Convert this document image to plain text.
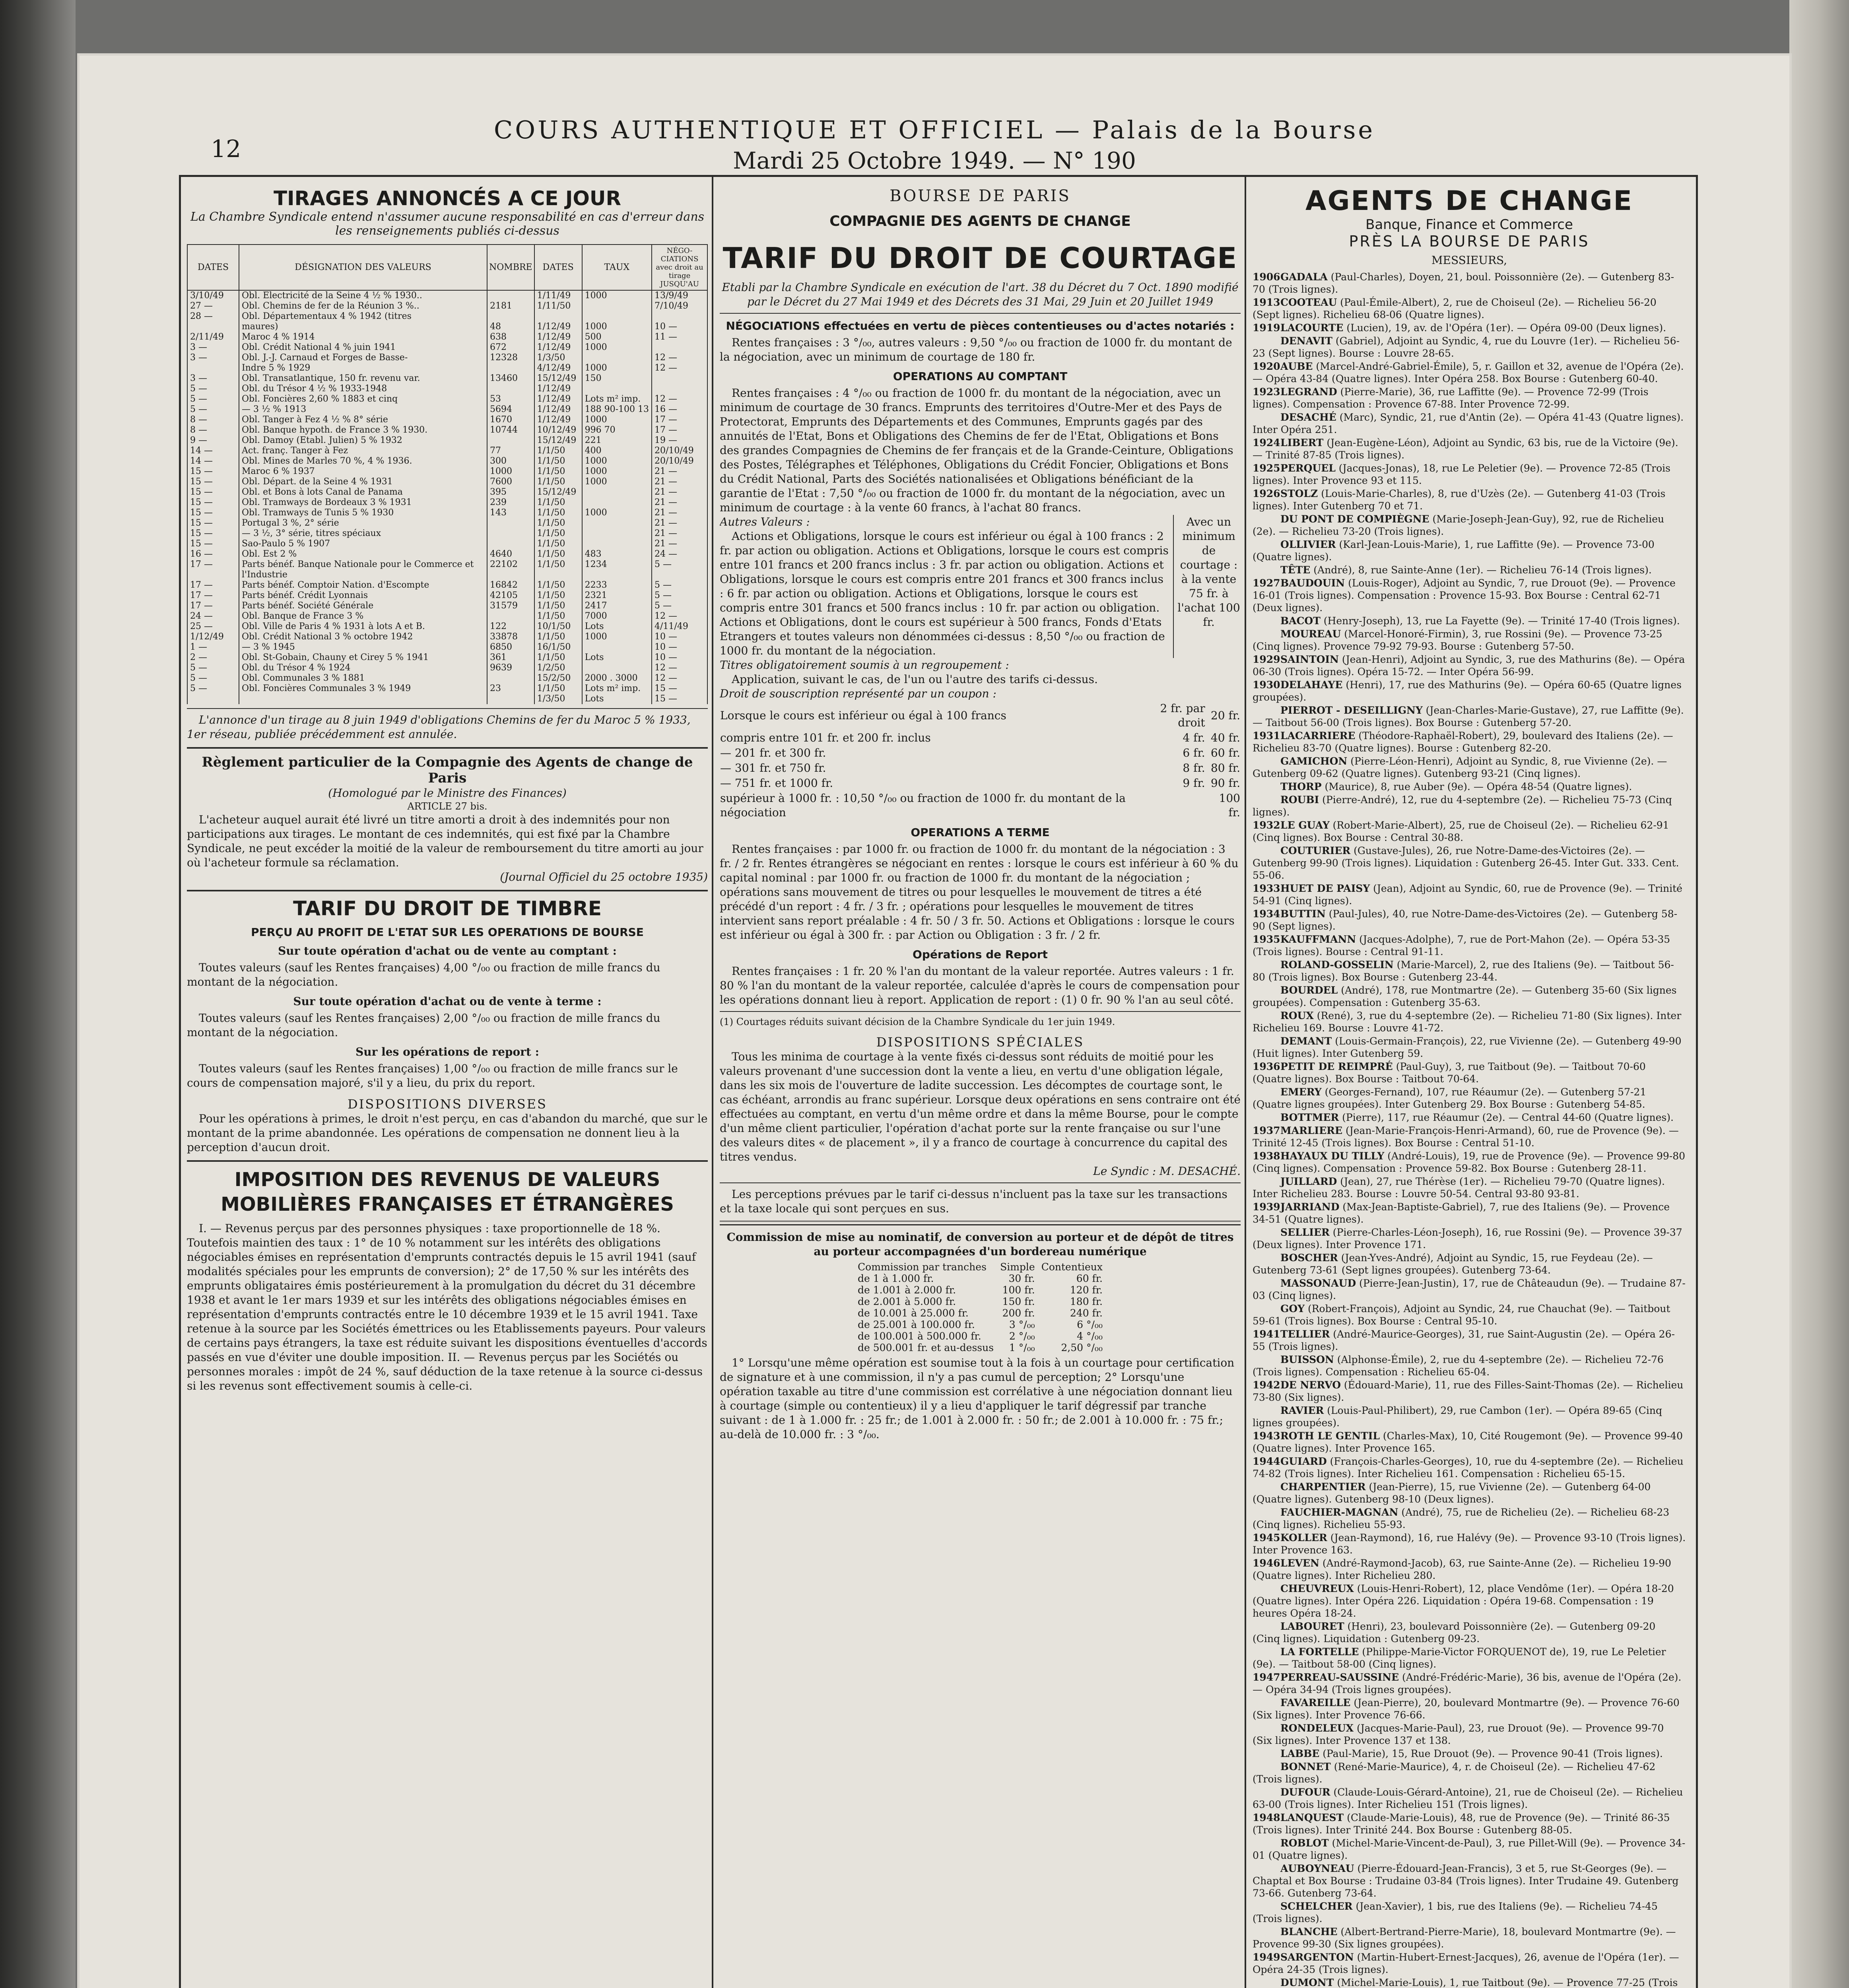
12
COURS AUTHENTIQUE ET OFFICIEL — Palais de la Bourse
Mardi 25 Octobre 1949. — N° 190
TIRAGES ANNONCÉS A CE JOUR
La Chambre Syndicale entend n'assumer aucune responsabilité en cas d'erreur dans les renseignements publiés ci-dessus
DATES	DÉSIGNATION DES VALEURS	NOMBRE	DATES	TAUX	NÉGO-CIATIONS avec droit au tirage JUSQU'AU
3/10/49	Obl. Electricité de la Seine 4 ½ % 1930..		1/11/49	1000	13/9/49
27 —	Obl. Chemins de fer de la Réunion 3 %..	2181	1/11/50		7/10/49
28 —	Obl. Départementaux 4 % 1942 (titres				
	maures)	48	1/12/49	1000	10 —
2/11/49	Maroc 4 % 1914	638	1/12/49	500	11 —
3 —	Obl. Crédit National 4 % juin 1941	672	1/12/49	1000	
3 —	Obl. J.-J. Carnaud et Forges de Basse-	12328	1/3/50		12 —
	Indre 5 % 1929		4/12/49	1000	12 —
3 —	Obl. Transatlantique, 150 fr. revenu var.	13460	15/12/49	150	
5 —	Obl. du Trésor 4 ½ % 1933-1948		1/12/49		
5 —	Obl. Foncières 2,60 % 1883 et cinq	53	1/12/49	Lots m² imp.	12 —
5 —	— 3 ½ % 1913	5694	1/12/49	188 90-100 13	16 —
8 —	Obl. Tanger à Fez 4 ½ % 8° série	1670	1/12/49	1000	17 —
8 —	Obl. Banque hypoth. de France 3 % 1930.	10744	10/12/49	996 70	17 —
9 —	Obl. Damoy (Etabl. Julien) 5 % 1932		15/12/49	221	19 —
14 —	Act. franç. Tanger à Fez	77	1/1/50	400	20/10/49
14 —	Obl. Mines de Marles 70 %, 4 % 1936.	300	1/1/50	1000	20/10/49
15 —	Maroc 6 % 1937	1000	1/1/50	1000	21 —
15 —	Obl. Départ. de la Seine 4 % 1931	7600	1/1/50	1000	21 —
15 —	Obl. et Bons à lots Canal de Panama	395	15/12/49		21 —
15 —	Obl. Tramways de Bordeaux 3 % 1931	239	1/1/50		21 —
15 —	Obl. Tramways de Tunis 5 % 1930	143	1/1/50	1000	21 —
15 —	Portugal 3 %, 2° série		1/1/50		21 —
15 —	— 3 ½, 3° série, titres spéciaux		1/1/50		21 —
15 —	Sao-Paulo 5 % 1907		1/1/50		21 —
16 —	Obl. Est 2 %	4640	1/1/50	483	24 —
17 —	Parts bénéf. Banque Nationale pour le Commerce et l'Industrie	22102	1/1/50	1234	5 —
17 —	Parts bénéf. Comptoir Nation. d'Escompte	16842	1/1/50	2233	5 —
17 —	Parts bénéf. Crédit Lyonnais	42105	1/1/50	2321	5 —
17 —	Parts bénéf. Société Générale	31579	1/1/50	2417	5 —
24 —	Obl. Banque de France 3 %		1/1/50	7000	12 —
25 —	Obl. Ville de Paris 4 % 1931 à lots A et B.	122	10/1/50	Lots	4/11/49
1/12/49	Obl. Crédit National 3 % octobre 1942	33878	1/1/50	1000	10 —
1 —	— 3 % 1945	6850	16/1/50		10 —
2 —	Obl. St-Gobain, Chauny et Cirey 5 % 1941	361	1/1/50	Lots	10 —
5 —	Obl. du Trésor 4 % 1924	9639	1/2/50		12 —
5 —	Obl. Communales 3 % 1881		15/2/50	2000 . 3000	12 —
5 —	Obl. Foncières Communales 3 % 1949	23	1/1/50	Lots m² imp.	15 —
			1/3/50	Lots	15 —

L'annonce d'un tirage au 8 juin 1949 d'obligations Chemins de fer du Maroc 5 % 1933, 1er réseau, publiée précédemment est annulée.

Règlement particulier de la Compagnie des Agents de change de Paris
(Homologué par le Ministre des Finances)
ARTICLE 27 bis.

L'acheteur auquel aurait été livré un titre amorti a droit à des indemnités pour non participations aux tirages. Le montant de ces indemnités, qui est fixé par la Chambre Syndicale, ne peut excéder la moitié de la valeur de remboursement du titre amorti au jour où l'acheteur formule sa réclamation.

(Journal Officiel du 25 octobre 1935)
TARIF DU DROIT DE TIMBRE
PERÇU AU PROFIT DE L'ETAT SUR LES OPERATIONS DE BOURSE
Sur toute opération d'achat ou de vente au comptant :

Toutes valeurs (sauf les Rentes françaises) 4,00 °/₀₀ ou fraction de mille francs du montant de la négociation.

Sur toute opération d'achat ou de vente à terme :

Toutes valeurs (sauf les Rentes françaises) 2,00 °/₀₀ ou fraction de mille francs du montant de la négociation.

Sur les opérations de report :

Toutes valeurs (sauf les Rentes françaises) 1,00 °/₀₀ ou fraction de mille francs sur le cours de compensation majoré, s'il y a lieu, du prix du report.

DISPOSITIONS DIVERSES

Pour les opérations à primes, le droit n'est perçu, en cas d'abandon du marché, que sur le montant de la prime abandonnée. Les opérations de compensation ne donnent lieu à la perception d'aucun droit.

IMPOSITION DES REVENUS DE VALEURS MOBILIÈRES FRANÇAISES ET ÉTRANGÈRES

I. — Revenus perçus par des personnes physiques : taxe proportionnelle de 18 %. Toutefois maintien des taux : 1° de 10 % notamment sur les intérêts des obligations négociables émises en représentation d'emprunts contractés depuis le 15 avril 1941 (sauf modalités spéciales pour les emprunts de conversion); 2° de 17,50 % sur les intérêts des emprunts obligataires émis postérieurement à la promulgation du décret du 31 décembre 1938 et avant le 1er mars 1939 et sur les intérêts des obligations négociables émises en représentation d'emprunts contractés entre le 10 décembre 1939 et le 15 avril 1941. Taxe retenue à la source par les Sociétés émettrices ou les Etablissements payeurs. Pour valeurs de certains pays étrangers, la taxe est réduite suivant les dispositions éventuelles d'accords passés en vue d'éviter une double imposition. II. — Revenus perçus par les Sociétés ou personnes morales : impôt de 24 %, sauf déduction de la taxe retenue à la source ci-dessus si les revenus sont effectivement soumis à celle-ci.

BOURSE DE PARIS
COMPAGNIE DES AGENTS DE CHANGE
TARIF DU DROIT DE COURTAGE
Etabli par la Chambre Syndicale en exécution de l'art. 38 du Décret du 7 Oct. 1890 modifié par le Décret du 27 Mai 1949 et des Décrets des 31 Mai, 29 Juin et 20 Juillet 1949
NÉGOCIATIONS effectuées en vertu de pièces contentieuses ou d'actes notariés :

Rentes françaises : 3 °/₀₀, autres valeurs : 9,50 °/₀₀ ou fraction de 1000 fr. du montant de la négociation, avec un minimum de courtage de 180 fr.

OPERATIONS AU COMPTANT

Rentes françaises : 4 °/₀₀ ou fraction de 1000 fr. du montant de la négociation, avec un minimum de courtage de 30 francs. Emprunts des territoires d'Outre-Mer et des Pays de Protectorat, Emprunts des Départements et des Communes, Emprunts gagés par des annuités de l'Etat, Bons et Obligations des Chemins de fer de l'Etat, Obligations et Bons des grandes Compagnies de Chemins de fer français et de la Grande-Ceinture, Obligations des Postes, Télégraphes et Téléphones, Obligations du Crédit Foncier, Obligations et Bons du Crédit National, Parts des Sociétés nationalisées et Obligations bénéficiant de la garantie de l'Etat : 7,50 °/₀₀ ou fraction de 1000 fr. du montant de la négociation, avec un minimum de courtage : à la vente 60 francs, à l'achat 80 francs.

Autres Valeurs :

Actions et Obligations, lorsque le cours est inférieur ou égal à 100 francs : 2 fr. par action ou obligation. Actions et Obligations, lorsque le cours est compris entre 101 francs et 200 francs inclus : 3 fr. par action ou obligation. Actions et Obligations, lorsque le cours est compris entre 201 francs et 300 francs inclus : 6 fr. par action ou obligation. Actions et Obligations, lorsque le cours est compris entre 301 francs et 500 francs inclus : 10 fr. par action ou obligation. Actions et Obligations, dont le cours est supérieur à 500 francs, Fonds d'Etats Etrangers et toutes valeurs non dénommées ci-dessus : 8,50 °/₀₀ ou fraction de 1000 fr. du montant de la négociation.

Avec un minimum de courtage : à la vente 75 fr. à l'achat 100 fr.
Titres obligatoirement soumis à un regroupement :

Application, suivant le cas, de l'un ou l'autre des tarifs ci-dessus.

Droit de souscription représenté par un coupon :
Lorsque le cours est inférieur ou égal à 100 francs	2 fr. par droit	20 fr.
compris entre 101 fr. et 200 fr. inclus	4 fr.	40 fr.
— 201 fr. et 300 fr.	6 fr.	60 fr.
— 301 fr. et 750 fr.	8 fr.	80 fr.
— 751 fr. et 1000 fr.	9 fr.	90 fr.
supérieur à 1000 fr. : 10,50 °/₀₀ ou fraction de 1000 fr. du montant de la négociation		100 fr.
OPERATIONS A TERME

Rentes françaises : par 1000 fr. ou fraction de 1000 fr. du montant de la négociation : 3 fr. / 2 fr. Rentes étrangères se négociant en rentes : lorsque le cours est inférieur à 60 % du capital nominal : par 1000 fr. ou fraction de 1000 fr. du montant de la négociation ; opérations sans mouvement de titres ou pour lesquelles le mouvement de titres a été précédé d'un report : 4 fr. / 3 fr. ; opérations pour lesquelles le mouvement de titres intervient sans report préalable : 4 fr. 50 / 3 fr. 50. Actions et Obligations : lorsque le cours est inférieur ou égal à 300 fr. : par Action ou Obligation : 3 fr. / 2 fr.

Opérations de Report

Rentes françaises : 1 fr. 20 % l'an du montant de la valeur reportée. Autres valeurs : 1 fr. 80 % l'an du montant de la valeur reportée, calculée d'après le cours de compensation pour les opérations donnant lieu à report. Application de report : (1) 0 fr. 90 % l'an au seul côté.

(1) Courtages réduits suivant décision de la Chambre Syndicale du 1er juin 1949.
DISPOSITIONS SPÉCIALES

Tous les minima de courtage à la vente fixés ci-dessus sont réduits de moitié pour les valeurs provenant d'une succession dont la vente a lieu, en vertu d'une obligation légale, dans les six mois de l'ouverture de ladite succession. Les décomptes de courtage sont, le cas échéant, arrondis au franc supérieur. Lorsque deux opérations en sens contraire ont été effectuées au comptant, en vertu d'un même ordre et dans la même Bourse, pour le compte d'un même client particulier, l'opération d'achat porte sur la rente française ou sur l'une des valeurs dites « de placement », il y a franco de courtage à concurrence du capital des titres vendus.

Le Syndic : M. DESACHÉ.

Les perceptions prévues par le tarif ci-dessus n'incluent pas la taxe sur les transactions et la taxe locale qui sont perçues en sus.

Commission de mise au nominatif, de conversion au porteur et de dépôt de titres au porteur accompagnées d'un bordereau numérique
Commission par tranches	Simple	Contentieux
de 1 à 1.000 fr.	30 fr.	60 fr.
de 1.001 à 2.000 fr.	100 fr.	120 fr.
de 2.001 à 5.000 fr.	150 fr.	180 fr.
de 10.001 à 25.000 fr.	200 fr.	240 fr.
de 25.001 à 100.000 fr.	3 °/₀₀	6 °/₀₀
de 100.001 à 500.000 fr.	2 °/₀₀	4 °/₀₀
de 500.001 fr. et au-dessus	1 °/₀₀	2,50 °/₀₀

1° Lorsqu'une même opération est soumise tout à la fois à un courtage pour certification de signature et à une commission, il n'y a pas cumul de perception; 2° Lorsqu'une opération taxable au titre d'une commission est corrélative à une négociation donnant lieu à courtage (simple ou contentieux) il y a lieu d'appliquer le tarif dégressif par tranche suivant : de 1 à 1.000 fr. : 25 fr.; de 1.001 à 2.000 fr. : 50 fr.; de 2.001 à 10.000 fr. : 75 fr.; au-delà de 10.000 fr. : 3 °/₀₀.

AGENTS DE CHANGE
Banque, Finance et Commerce
PRÈS LA BOURSE DE PARIS
MESSIEURS,
1906GADALA (Paul-Charles), Doyen, 21, boul. Poissonnière (2e). — Gutenberg 83-70 (Trois lignes).
1913COOTEAU (Paul-Émile-Albert), 2, rue de Choiseul (2e). — Richelieu 56-20 (Sept lignes). Richelieu 68-06 (Quatre lignes).
1919LACOURTE (Lucien), 19, av. de l'Opéra (1er). — Opéra 09-00 (Deux lignes).
DENAVIT (Gabriel), Adjoint au Syndic, 4, rue du Louvre (1er). — Richelieu 56-23 (Sept lignes). Bourse : Louvre 28-65.
1920AUBE (Marcel-André-Gabriel-Émile), 5, r. Gaillon et 32, avenue de l'Opéra (2e). — Opéra 43-84 (Quatre lignes). Inter Opéra 258. Box Bourse : Gutenberg 60-40.
1923LEGRAND (Pierre-Marie), 36, rue Laffitte (9e). — Provence 72-99 (Trois lignes). Compensation : Provence 67-88. Inter Provence 72-99.
DESACHÉ (Marc), Syndic, 21, rue d'Antin (2e). — Opéra 41-43 (Quatre lignes). Inter Opéra 251.
1924LIBERT (Jean-Eugène-Léon), Adjoint au Syndic, 63 bis, rue de la Victoire (9e). — Trinité 87-85 (Trois lignes).
1925PERQUEL (Jacques-Jonas), 18, rue Le Peletier (9e). — Provence 72-85 (Trois lignes). Inter Provence 93 et 115.
1926STOLZ (Louis-Marie-Charles), 8, rue d'Uzès (2e). — Gutenberg 41-03 (Trois lignes). Inter Gutenberg 70 et 71.
DU PONT DE COMPIÈGNE (Marie-Joseph-Jean-Guy), 92, rue de Richelieu (2e). — Richelieu 73-20 (Trois lignes).
OLLIVIER (Karl-Jean-Louis-Marie), 1, rue Laffitte (9e). — Provence 73-00 (Quatre lignes).
TÊTE (André), 8, rue Sainte-Anne (1er). — Richelieu 76-14 (Trois lignes).
1927BAUDOUIN (Louis-Roger), Adjoint au Syndic, 7, rue Drouot (9e). — Provence 16-01 (Trois lignes). Compensation : Provence 15-93. Box Bourse : Central 62-71 (Deux lignes).
BACOT (Henry-Joseph), 13, rue La Fayette (9e). — Trinité 17-40 (Trois lignes).
MOUREAU (Marcel-Honoré-Firmin), 3, rue Rossini (9e). — Provence 73-25 (Cinq lignes). Provence 79-92 79-93. Bourse : Gutenberg 57-50.
1929SAINTOIN (Jean-Henri), Adjoint au Syndic, 3, rue des Mathurins (8e). — Opéra 06-30 (Trois lignes). Opéra 15-72. — Inter Opéra 56-99.
1930DELAHAYE (Henri), 17, rue des Mathurins (9e). — Opéra 60-65 (Quatre lignes groupées).
PIERROT - DESEILLIGNY (Jean-Charles-Marie-Gustave), 27, rue Laffitte (9e). — Taitbout 56-00 (Trois lignes). Box Bourse : Gutenberg 57-20.
1931LACARRIERE (Théodore-Raphaël-Robert), 29, boulevard des Italiens (2e). — Richelieu 83-70 (Quatre lignes). Bourse : Gutenberg 82-20.
GAMICHON (Pierre-Léon-Henri), Adjoint au Syndic, 8, rue Vivienne (2e). — Gutenberg 09-62 (Quatre lignes). Gutenberg 93-21 (Cinq lignes).
THORP (Maurice), 8, rue Auber (9e). — Opéra 48-54 (Quatre lignes).
ROUBI (Pierre-André), 12, rue du 4-septembre (2e). — Richelieu 75-73 (Cinq lignes).
1932LE GUAY (Robert-Marie-Albert), 25, rue de Choiseul (2e). — Richelieu 62-91 (Cinq lignes). Box Bourse : Central 30-88.
COUTURIER (Gustave-Jules), 26, rue Notre-Dame-des-Victoires (2e). — Gutenberg 99-90 (Trois lignes). Liquidation : Gutenberg 26-45. Inter Gut. 333. Cent. 55-06.
1933HUET DE PAISY (Jean), Adjoint au Syndic, 60, rue de Provence (9e). — Trinité 54-91 (Cinq lignes).
1934BUTTIN (Paul-Jules), 40, rue Notre-Dame-des-Victoires (2e). — Gutenberg 58-90 (Sept lignes).
1935KAUFFMANN (Jacques-Adolphe), 7, rue de Port-Mahon (2e). — Opéra 53-35 (Trois lignes). Bourse : Central 91-11.
ROLAND-GOSSELIN (Marie-Marcel), 2, rue des Italiens (9e). — Taitbout 56-80 (Trois lignes). Box Bourse : Gutenberg 23-44.
BOURDEL (André), 178, rue Montmartre (2e). — Gutenberg 35-60 (Six lignes groupées). Compensation : Gutenberg 35-63.
ROUX (René), 3, rue du 4-septembre (2e). — Richelieu 71-80 (Six lignes). Inter Richelieu 169. Bourse : Louvre 41-72.
DEMANT (Louis-Germain-François), 22, rue Vivienne (2e). — Gutenberg 49-90 (Huit lignes). Inter Gutenberg 59.
1936PETIT DE REIMPRÉ (Paul-Guy), 3, rue Taitbout (9e). — Taitbout 70-60 (Quatre lignes). Box Bourse : Taitbout 70-64.
EMERY (Georges-Fernand), 107, rue Réaumur (2e). — Gutenberg 57-21 (Quatre lignes groupées). Inter Gutenberg 29. Box Bourse : Gutenberg 54-85.
BOTTMER (Pierre), 117, rue Réaumur (2e). — Central 44-60 (Quatre lignes).
1937MARLIERE (Jean-Marie-François-Henri-Armand), 60, rue de Provence (9e). — Trinité 12-45 (Trois lignes). Box Bourse : Central 51-10.
1938HAYAUX DU TILLY (André-Louis), 19, rue de Provence (9e). — Provence 99-80 (Cinq lignes). Compensation : Provence 59-82. Box Bourse : Gutenberg 28-11.
JUILLARD (Jean), 27, rue Thérèse (1er). — Richelieu 79-70 (Quatre lignes). Inter Richelieu 283. Bourse : Louvre 50-54. Central 93-80 93-81.
1939JARRIAND (Max-Jean-Baptiste-Gabriel), 7, rue des Italiens (9e). — Provence 34-51 (Quatre lignes).
SELLIER (Pierre-Charles-Léon-Joseph), 16, rue Rossini (9e). — Provence 39-37 (Deux lignes). Inter Provence 171.
BOSCHER (Jean-Yves-André), Adjoint au Syndic, 15, rue Feydeau (2e). — Gutenberg 73-61 (Sept lignes groupées). Gutenberg 73-64.
MASSONAUD (Pierre-Jean-Justin), 17, rue de Châteaudun (9e). — Trudaine 87-03 (Cinq lignes).
GOY (Robert-François), Adjoint au Syndic, 24, rue Chauchat (9e). — Taitbout 59-61 (Trois lignes). Box Bourse : Central 95-10.
1941TELLIER (André-Maurice-Georges), 31, rue Saint-Augustin (2e). — Opéra 26-55 (Trois lignes).
BUISSON (Alphonse-Émile), 2, rue du 4-septembre (2e). — Richelieu 72-76 (Trois lignes). Compensation : Richelieu 65-04.
1942DE NERVO (Édouard-Marie), 11, rue des Filles-Saint-Thomas (2e). — Richelieu 73-80 (Six lignes).
RAVIER (Louis-Paul-Philibert), 29, rue Cambon (1er). — Opéra 89-65 (Cinq lignes groupées).
1943ROTH LE GENTIL (Charles-Max), 10, Cité Rougemont (9e). — Provence 99-40 (Quatre lignes). Inter Provence 165.
1944GUIARD (François-Charles-Georges), 10, rue du 4-septembre (2e). — Richelieu 74-82 (Trois lignes). Inter Richelieu 161. Compensation : Richelieu 65-15.
CHARPENTIER (Jean-Pierre), 15, rue Vivienne (2e). — Gutenberg 64-00 (Quatre lignes). Gutenberg 98-10 (Deux lignes).
FAUCHIER-MAGNAN (André), 75, rue de Richelieu (2e). — Richelieu 68-23 (Cinq lignes). Richelieu 55-93.
1945KOLLER (Jean-Raymond), 16, rue Halévy (9e). — Provence 93-10 (Trois lignes). Inter Provence 163.
1946LEVEN (André-Raymond-Jacob), 63, rue Sainte-Anne (2e). — Richelieu 19-90 (Quatre lignes). Inter Richelieu 280.
CHEUVREUX (Louis-Henri-Robert), 12, place Vendôme (1er). — Opéra 18-20 (Quatre lignes). Inter Opéra 226. Liquidation : Opéra 19-68. Compensation : 19 heures Opéra 18-24.
LABOURET (Henri), 23, boulevard Poissonnière (2e). — Gutenberg 09-20 (Cinq lignes). Liquidation : Gutenberg 09-23.
LA FORTELLE (Philippe-Marie-Victor FORQUENOT de), 19, rue Le Peletier (9e). — Taitbout 58-00 (Cinq lignes).
1947PERREAU-SAUSSINE (André-Frédéric-Marie), 36 bis, avenue de l'Opéra (2e). — Opéra 34-94 (Trois lignes groupées).
FAVAREILLE (Jean-Pierre), 20, boulevard Montmartre (9e). — Provence 76-60 (Six lignes). Inter Provence 76-66.
RONDELEUX (Jacques-Marie-Paul), 23, rue Drouot (9e). — Provence 99-70 (Six lignes). Inter Provence 137 et 138.
LABBE (Paul-Marie), 15, Rue Drouot (9e). — Provence 90-41 (Trois lignes).
BONNET (René-Marie-Maurice), 4, r. de Choiseul (2e). — Richelieu 47-62 (Trois lignes).
DUFOUR (Claude-Louis-Gérard-Antoine), 21, rue de Choiseul (2e). — Richelieu 63-00 (Trois lignes). Inter Richelieu 151 (Trois lignes).
1948LANQUEST (Claude-Marie-Louis), 48, rue de Provence (9e). — Trinité 86-35 (Trois lignes). Inter Trinité 244. Box Bourse : Gutenberg 88-05.
ROBLOT (Michel-Marie-Vincent-de-Paul), 3, rue Pillet-Will (9e). — Provence 34-01 (Quatre lignes).
AUBOYNEAU (Pierre-Édouard-Jean-Francis), 3 et 5, rue St-Georges (9e). — Chaptal et Box Bourse : Trudaine 03-84 (Trois lignes). Inter Trudaine 49. Gutenberg 73-66. Gutenberg 73-64.
SCHELCHER (Jean-Xavier), 1 bis, rue des Italiens (9e). — Richelieu 74-45 (Trois lignes).
BLANCHE (Albert-Bertrand-Pierre-Marie), 18, boulevard Montmartre (9e). — Provence 99-30 (Six lignes groupées).
1949SARGENTON (Martin-Hubert-Ernest-Jacques), 26, avenue de l'Opéra (1er). — Opéra 24-35 (Trois lignes).
DUMONT (Michel-Marie-Louis), 1, rue Taitbout (9e). — Provence 77-25 (Trois
